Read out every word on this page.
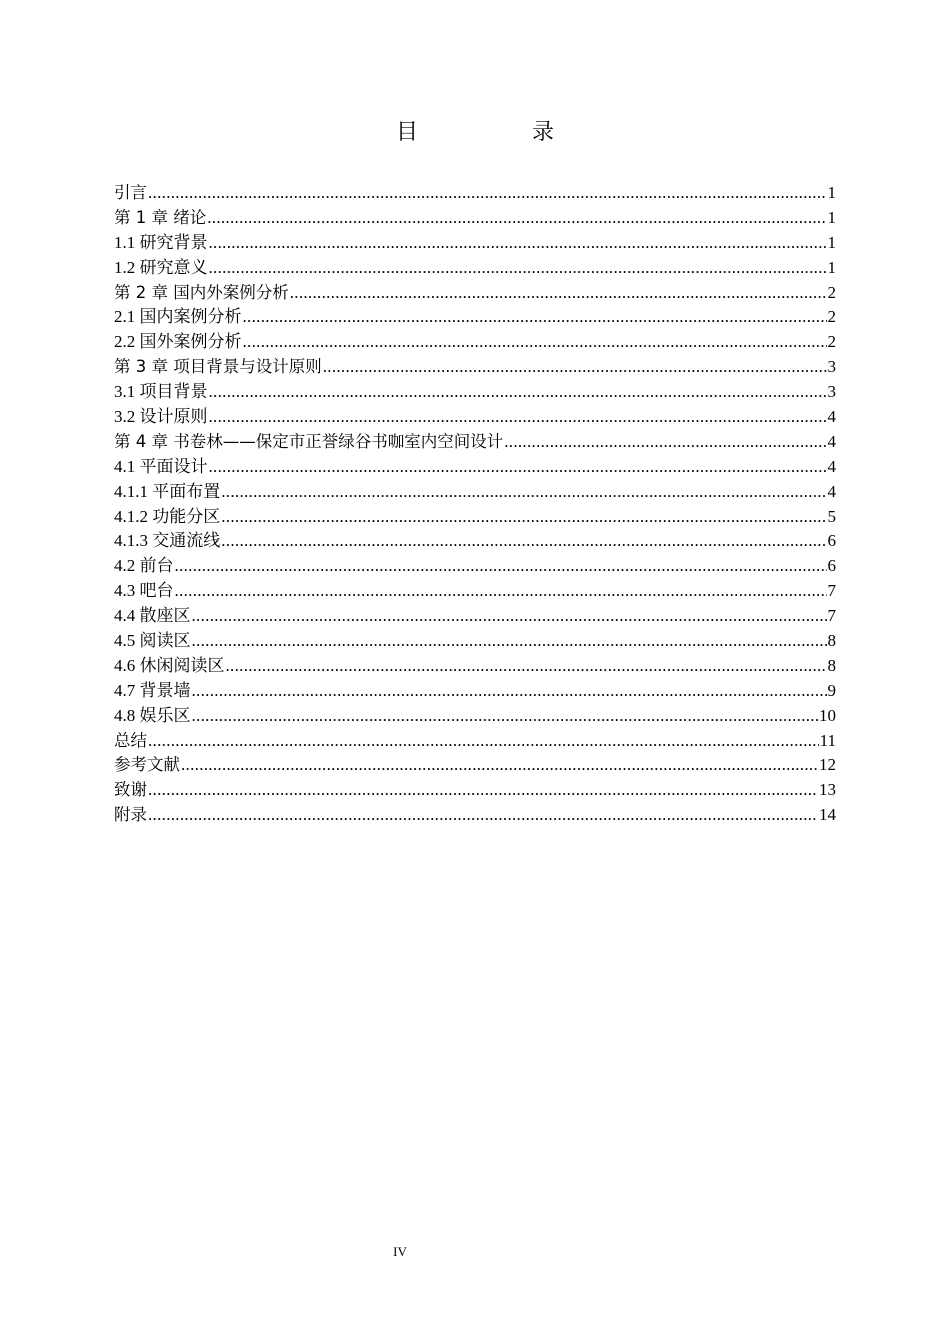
目　录
引言 .....	1
第 1 章 绪论 .....	1
1.1 研究背景 .....	1
1.2 研究意义 .....	1
第 2 章 国内外案例分析 .....	2
2.1 国内案例分析 .....	2
2.2 国外案例分析 .....	2
第 3 章 项目背景与设计原则 .....	3
3.1 项目背景 .....	3
3.2 设计原则 .....	4
第 4 章 书卷林——保定市正誉绿谷书咖室内空间设计 .....	4
4.1 平面设计 .....	4
4.1.1 平面布置 .....	4
4.1.2 功能分区 .....	5
4.1.3 交通流线 .....	6
4.2 前台 .....	6
4.3 吧台 .....	7
4.4 散座区 .....	7
4.5 阅读区 .....	8
4.6 休闲阅读区 .....	8
4.7 背景墙 .....	9
4.8 娱乐区 .....	10
总结 .....	11
参考文献 .....	12
致谢 .....	13
附录 .....	14
IV
